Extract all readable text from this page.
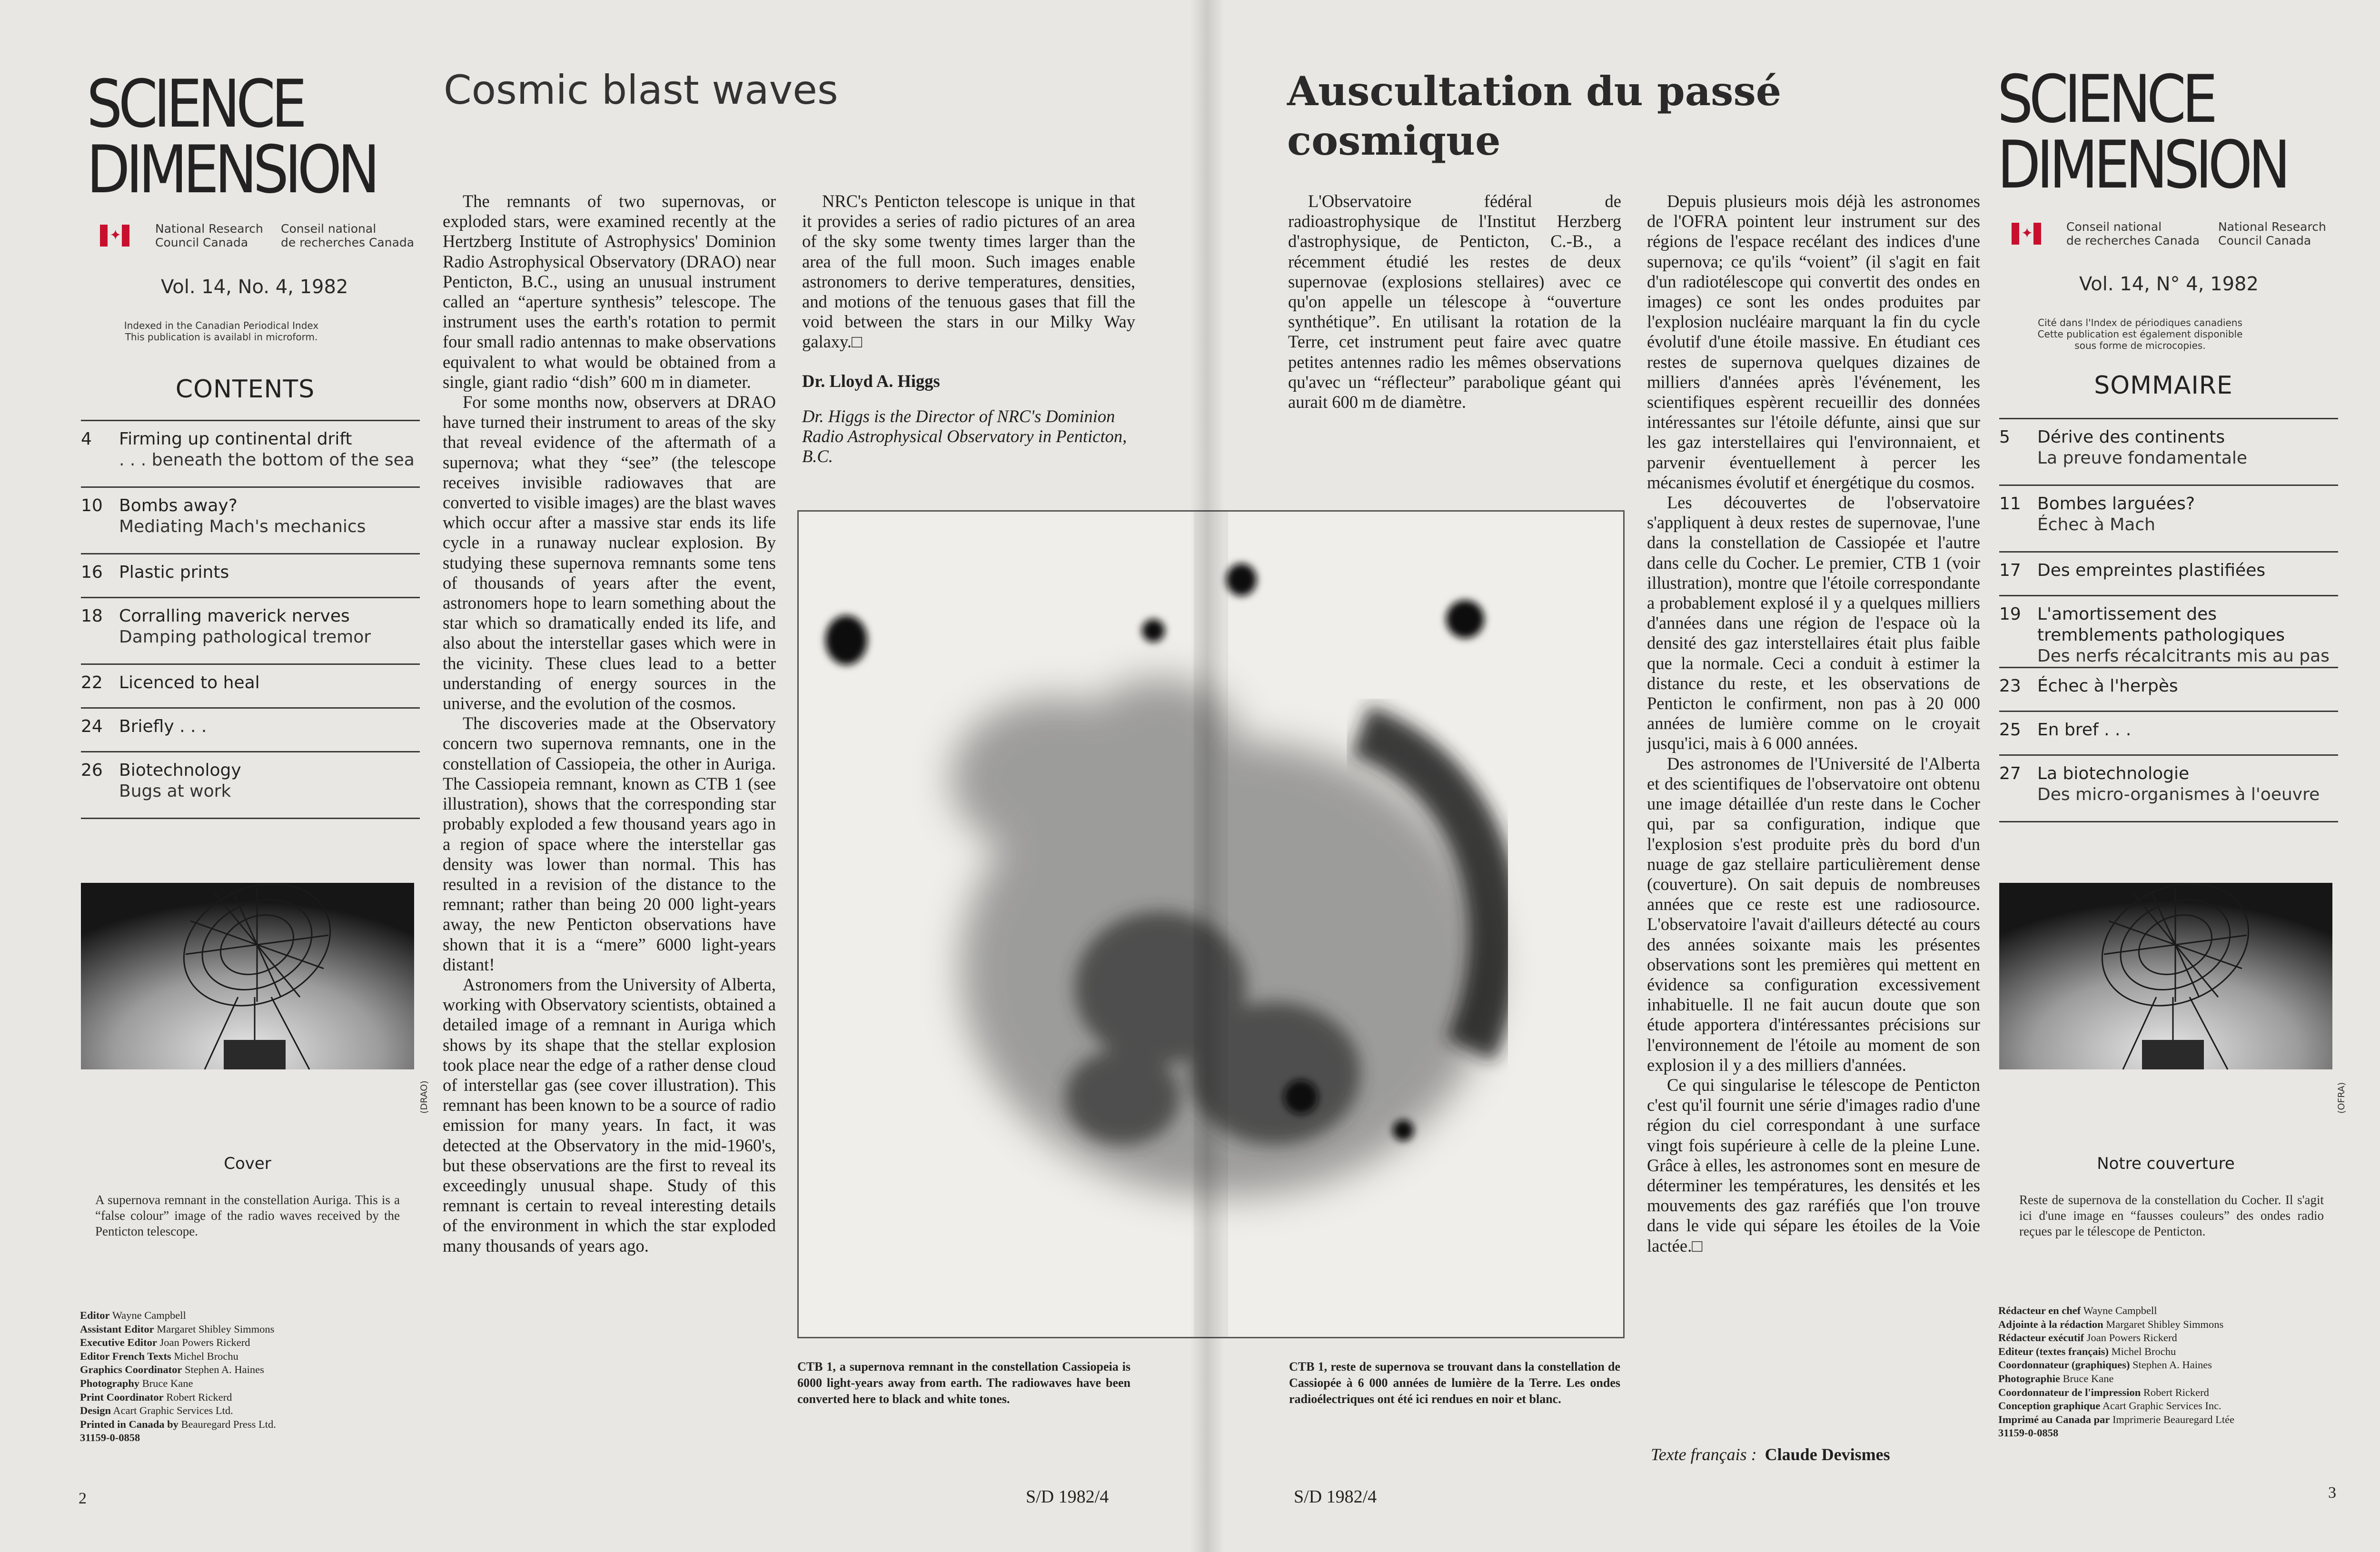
SCIENCE
DIMENSION
✦	National Research
Council Canada
Conseil national
de recherches Canada
Vol. 14, No. 4, 1982
Indexed in the Canadian Periodical Index
This publication is availabl in microform.
CONTENTS
4	Firming up continental drift
. . . beneath the bottom of the sea
10 Bombs away?
Mediating Mach's mechanics
16 Plastic prints
18 Corralling maverick nerves
Damping pathological tremor
22 Licenced to heal
24 Briefly . . .
26 Biotechnology
Bugs at work
(DRAO)
Cover
A supernova remnant in the constellation Auriga. This is a “false colour” image of the radio waves received by the Penticton telescope.
Editor Wayne Campbell
Assistant Editor Margaret Shibley Simmons
Executive Editor Joan Powers Rickerd
Editor French Texts Michel Brochu
Graphics Coordinator Stephen A. Haines
Photography Bruce Kane
Print Coordinator Robert Rickerd
Design Acart Graphic Services Ltd.
Printed in Canada by Beauregard Press Ltd.
31159-0-0858
2
Cosmic blast waves

The remnants of two supernovas, or exploded stars, were examined recently at the Hertzberg Institute of Astrophysics' Dominion Radio Astrophysical Observatory (DRAO) near Penticton, B.C., using an unusual instrument called an “aperture synthesis” telescope. The instrument uses the earth's rotation to permit four small radio antennas to make observations equivalent to what would be obtained from a single, giant radio “dish” 600 m in diameter.

For some months now, observers at DRAO have turned their instrument to areas of the sky that reveal evidence of the aftermath of a supernova; what they “see” (the telescope receives invisible radiowaves that are converted to visible images) are the blast waves which occur after a massive star ends its life cycle in a runaway nuclear explosion. By studying these supernova remnants some tens of thousands of years after the event, astronomers hope to learn something about the star which so dramatically ended its life, and also about the interstellar gases which were in the vicinity. These clues lead to a better understanding of energy sources in the universe, and the evolution of the cosmos.

The discoveries made at the Observatory concern two supernova remnants, one in the constellation of Cassiopeia, the other in Auriga. The Cassiopeia remnant, known as CTB 1 (see illustration), shows that the corresponding star probably exploded a few thousand years ago in a region of space where the interstellar gas density was lower than normal. This has resulted in a revision of the distance to the remnant; rather than being 20 000 light-years away, the new Penticton observations have shown that it is a “mere” 6000 light-years distant!

Astronomers from the University of Alberta, working with Observatory scientists, obtained a detailed image of a remnant in Auriga which shows by its shape that the stellar explosion took place near the edge of a rather dense cloud of interstellar gas (see cover illustration). This remnant has been known to be a source of radio emission for many years. In fact, it was detected at the Observatory in the mid-1960's, but these observations are the first to reveal its exceedingly unusual shape. Study of this remnant is certain to reveal interesting details of the environment in which the star exploded many thousands of years ago.

NRC's Penticton telescope is unique in that it provides a series of radio pictures of an area of the sky some twenty times larger than the area of the full moon. Such images enable astronomers to derive temperatures, densities, and motions of the tenuous gases that fill the void between the stars in our Milky Way galaxy.□

Dr. Lloyd A. Higgs

Dr. Higgs is the Director of NRC's Dominion Radio Astrophysical Observatory in Penticton, B.C.

CTB 1, a supernova remnant in the constellation Cassiopeia is 6000 light-years away from earth. The radiowaves have been converted here to black and white tones.
S/D 1982/4
Auscultation du passé
cosmique

L'Observatoire fédéral de radioastrophysique de l'Institut Herzberg d'astrophysique, de Penticton, C.-B., a récemment étudié les restes de deux supernovae (explosions stellaires) avec ce qu'on appelle un télescope à “ouverture synthétique”. En utilisant la rotation de la Terre, cet instrument peut faire avec quatre petites antennes radio les mêmes observations qu'avec un “réflecteur” parabolique géant qui aurait 600 m de diamètre.

Depuis plusieurs mois déjà les astronomes de l'OFRA pointent leur instrument sur des régions de l'espace recélant des indices d'une supernova; ce qu'ils “voient” (il s'agit en fait d'un radiotélescope qui convertit des ondes en images) ce sont les ondes produites par l'explosion nucléaire marquant la fin du cycle évolutif d'une étoile massive. En étudiant ces restes de supernova quelques dizaines de milliers d'années après l'événement, les scientifiques espèrent recueillir des données intéressantes sur l'étoile défunte, ainsi que sur les gaz interstellaires qui l'environnaient, et parvenir éventuellement à percer les mécanismes évolutif et énergétique du cosmos.

Les découvertes de l'observatoire s'appliquent à deux restes de supernovae, l'une dans la constellation de Cassiopée et l'autre dans celle du Cocher. Le premier, CTB 1 (voir illustration), montre que l'étoile correspondante a probablement explosé il y a quelques milliers d'années dans une région de l'espace où la densité des gaz interstellaires était plus faible que la normale. Ceci a conduit à estimer la distance du reste, et les observations de Penticton le confirment, non pas à 20 000 années de lumière comme on le croyait jusqu'ici, mais à 6 000 années.

Des astronomes de l'Université de l'Alberta et des scientifiques de l'observatoire ont obtenu une image détaillée d'un reste dans le Cocher qui, par sa configuration, indique que l'explosion s'est produite près du bord d'un nuage de gaz stellaire particulièrement dense (couverture). On sait depuis de nombreuses années que ce reste est une radiosource. L'observatoire l'avait d'ailleurs détecté au cours des années soixante mais les présentes observations sont les premières qui mettent en évidence sa configuration excessivement inhabituelle. Il ne fait aucun doute que son étude apportera d'intéressantes précisions sur l'environnement de l'étoile au moment de son explosion il y a des milliers d'années.

Ce qui singularise le télescope de Penticton c'est qu'il fournit une série d'images radio d'une région du ciel correspondant à une surface vingt fois supérieure à celle de la pleine Lune. Grâce à elles, les astronomes sont en mesure de déterminer les températures, les densités et les mouvements des gaz raréfiés que l'on trouve dans le vide qui sépare les étoiles de la Voie lactée.□

Texte français : Claude Devismes
CTB 1, reste de supernova se trouvant dans la constellation de Cassiopée à 6 000 années de lumière de la Terre. Les ondes radioélectriques ont été ici rendues en noir et blanc.
S/D 1982/4
SCIENCE
DIMENSION
✦	Conseil national
de recherches Canada
National Research
Council Canada
Vol. 14, N° 4, 1982
Cité dans l'Index de périodiques canadiens
Cette publication est également disponible
sous forme de microcopies.
SOMMAIRE
5	Dérive des continents
La preuve fondamentale
11 Bombes larguées?
Échec à Mach
17 Des empreintes plastifiées
19 L'amortissement des tremblements pathologiques
Des nerfs récalcitrants mis au pas
23 Échec à l'herpès
25 En bref . . .
27 La biotechnologie
Des micro-organismes à l'oeuvre
(OFRA)
Notre couverture
Reste de supernova de la constellation du Cocher. Il s'agit ici d'une image en “fausses couleurs” des ondes radio reçues par le télescope de Penticton.
Rédacteur en chef Wayne Campbell
Adjointe à la rédaction Margaret Shibley Simmons
Rédacteur exécutif Joan Powers Rickerd
Editeur (textes français) Michel Brochu
Coordonnateur (graphiques) Stephen A. Haines
Photographie Bruce Kane
Coordonnateur de l'impression Robert Rickerd
Conception graphique Acart Graphic Services Inc.
Imprimé au Canada par Imprimerie Beauregard Ltée
31159-0-0858
3
